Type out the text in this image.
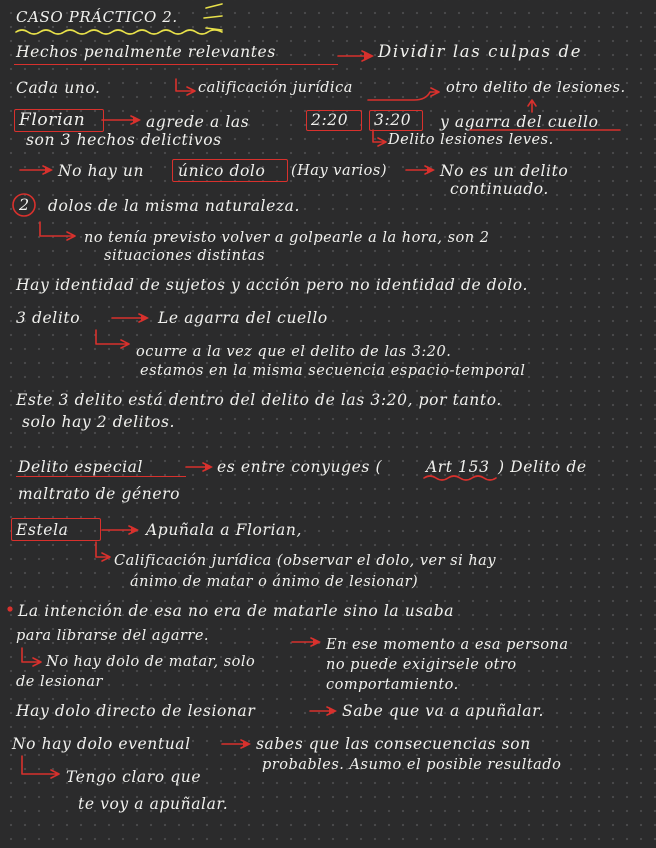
CASO PRÁCTICO 2.
Hechos penalmente relevantes	Dividir las culpas de
Cada uno.	calificación jurídica	otro delito de lesiones.
Florian	agrede a las	2:20 3:20 y agarra del cuello
son 3 hechos delictivos	Delito lesiones leves.
No hay un único dolo (Hay varios)	No es un delito
continuado.
2 dolos de la misma naturaleza.
no tenía previsto volver a golpearle a la hora, son 2
situaciones distintas
Hay identidad de sujetos y acción pero no identidad de dolo.
3 delito	Le agarra del cuello
ocurre a la vez que el delito de las 3:20.
estamos en la misma secuencia espacio-temporal
Este 3 delito está dentro del delito de las 3:20, por tanto.
solo hay 2 delitos.
Delito especial	es entre conyuges (	Art 153 ) Delito de
maltrato de género
Estela	Apuñala a Florian,
Calificación jurídica (observar el dolo, ver si hay
ánimo de matar o ánimo de lesionar)
La intención de esa no era de matarle sino la usaba
para librarse del agarre.
En ese momento a esa persona
No hay dolo de matar, solo	no puede exigirsele otro
de lesionar	comportamiento.
Hay dolo directo de lesionar	Sabe que va a apuñalar.
No hay dolo eventual	sabes que las consecuencias son
probables. Asumo el posible resultado
Tengo claro que
te voy a apuñalar.
